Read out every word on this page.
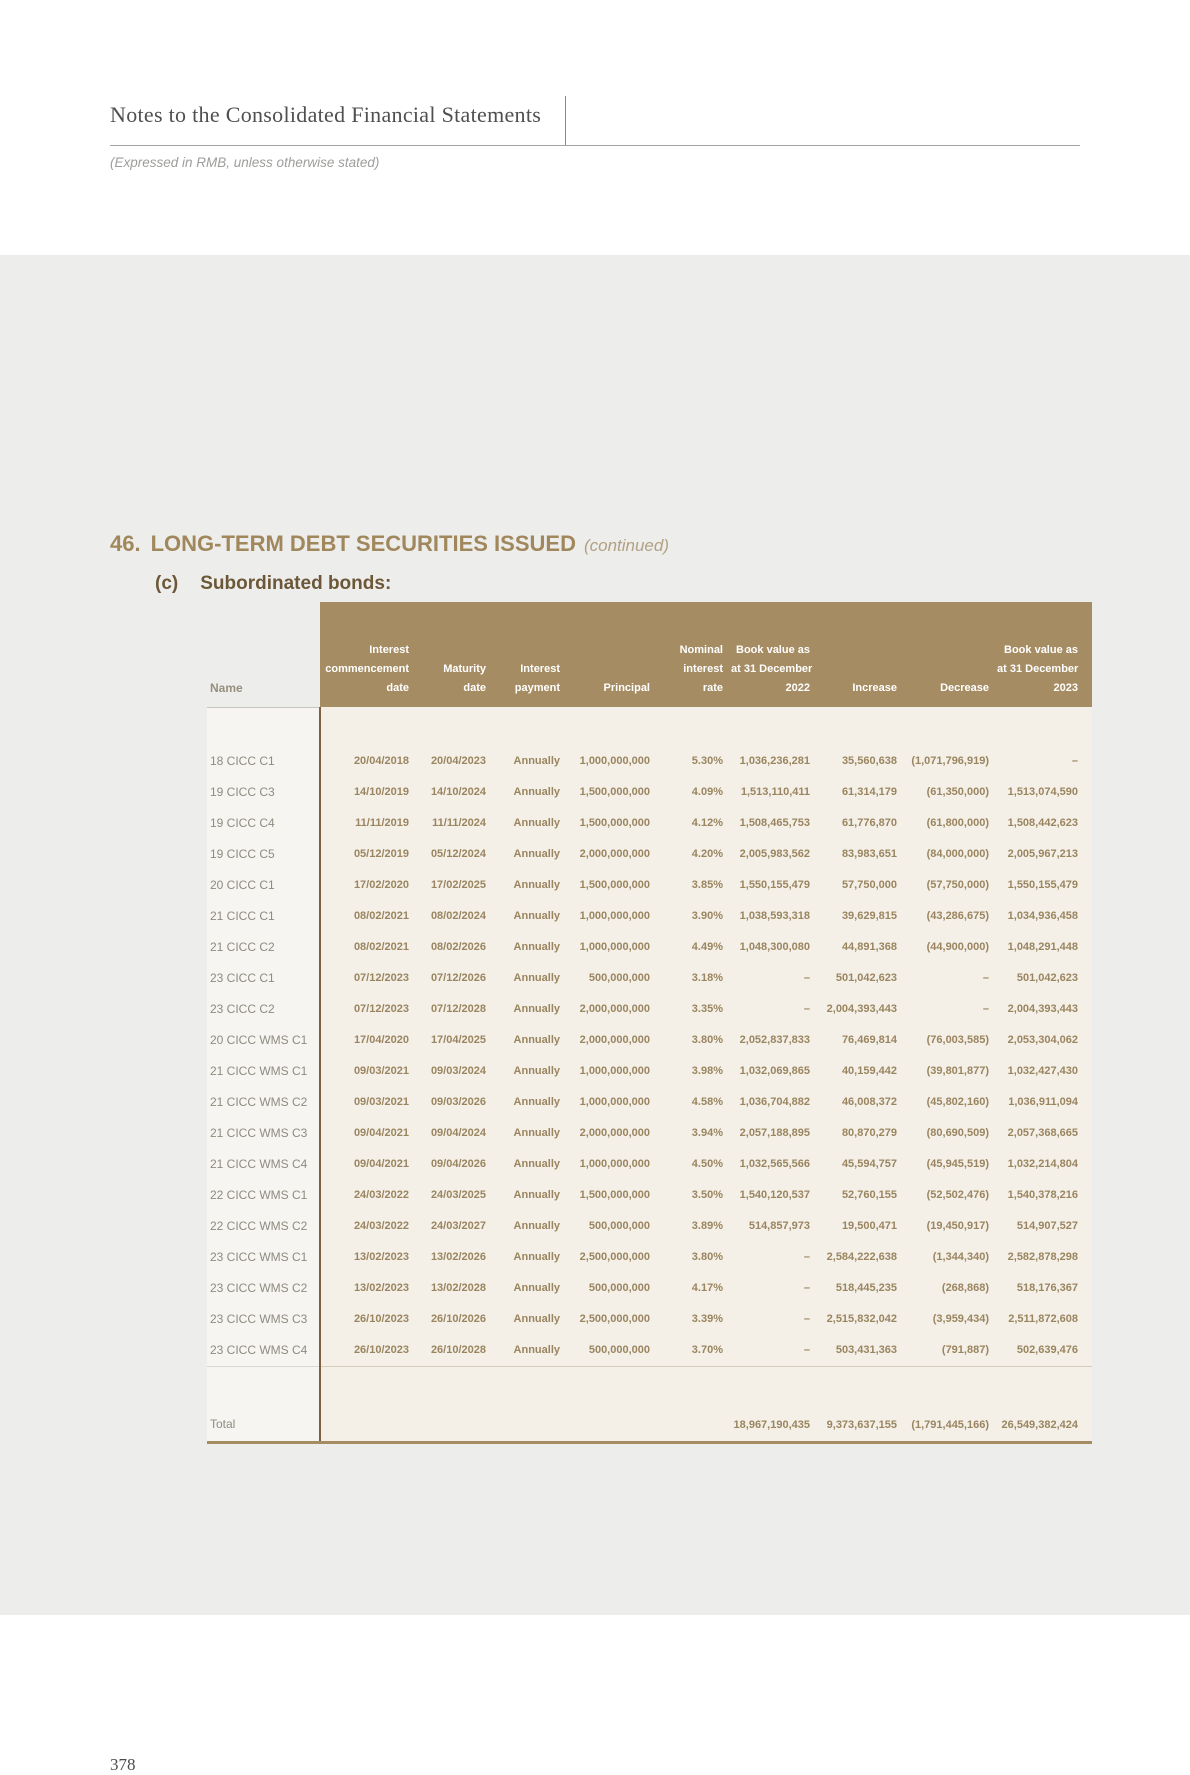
Notes to the Consolidated Financial Statements
(Expressed in RMB, unless otherwise stated)
46. LONG-TERM DEBT SECURITIES ISSUED (continued)
(c) Subordinated bonds:
Name	Interest
commencement
date	Maturity
date	Interest
payment	Principal	Nominal
interest
rate	Book value as
at 31 December
2022	Increase	Decrease	Book value as
at 31 December
2023

18 CICC C1	20/04/2018	20/04/2023	Annually	1,000,000,000	5.30%	1,036,236,281	35,560,638	(1,071,796,919)	–
19 CICC C3	14/10/2019	14/10/2024	Annually	1,500,000,000	4.09%	1,513,110,411	61,314,179	(61,350,000)	1,513,074,590
19 CICC C4	11/11/2019	11/11/2024	Annually	1,500,000,000	4.12%	1,508,465,753	61,776,870	(61,800,000)	1,508,442,623
19 CICC C5	05/12/2019	05/12/2024	Annually	2,000,000,000	4.20%	2,005,983,562	83,983,651	(84,000,000)	2,005,967,213
20 CICC C1	17/02/2020	17/02/2025	Annually	1,500,000,000	3.85%	1,550,155,479	57,750,000	(57,750,000)	1,550,155,479
21 CICC C1	08/02/2021	08/02/2024	Annually	1,000,000,000	3.90%	1,038,593,318	39,629,815	(43,286,675)	1,034,936,458
21 CICC C2	08/02/2021	08/02/2026	Annually	1,000,000,000	4.49%	1,048,300,080	44,891,368	(44,900,000)	1,048,291,448
23 CICC C1	07/12/2023	07/12/2026	Annually	500,000,000	3.18%	–	501,042,623	–	501,042,623
23 CICC C2	07/12/2023	07/12/2028	Annually	2,000,000,000	3.35%	–	2,004,393,443	–	2,004,393,443
20 CICC WMS C1	17/04/2020	17/04/2025	Annually	2,000,000,000	3.80%	2,052,837,833	76,469,814	(76,003,585)	2,053,304,062
21 CICC WMS C1	09/03/2021	09/03/2024	Annually	1,000,000,000	3.98%	1,032,069,865	40,159,442	(39,801,877)	1,032,427,430
21 CICC WMS C2	09/03/2021	09/03/2026	Annually	1,000,000,000	4.58%	1,036,704,882	46,008,372	(45,802,160)	1,036,911,094
21 CICC WMS C3	09/04/2021	09/04/2024	Annually	2,000,000,000	3.94%	2,057,188,895	80,870,279	(80,690,509)	2,057,368,665
21 CICC WMS C4	09/04/2021	09/04/2026	Annually	1,000,000,000	4.50%	1,032,565,566	45,594,757	(45,945,519)	1,032,214,804
22 CICC WMS C1	24/03/2022	24/03/2025	Annually	1,500,000,000	3.50%	1,540,120,537	52,760,155	(52,502,476)	1,540,378,216
22 CICC WMS C2	24/03/2022	24/03/2027	Annually	500,000,000	3.89%	514,857,973	19,500,471	(19,450,917)	514,907,527
23 CICC WMS C1	13/02/2023	13/02/2026	Annually	2,500,000,000	3.80%	–	2,584,222,638	(1,344,340)	2,582,878,298
23 CICC WMS C2	13/02/2023	13/02/2028	Annually	500,000,000	4.17%	–	518,445,235	(268,868)	518,176,367
23 CICC WMS C3	26/10/2023	26/10/2026	Annually	2,500,000,000	3.39%	–	2,515,832,042	(3,959,434)	2,511,872,608
23 CICC WMS C4	26/10/2023	26/10/2028	Annually	500,000,000	3.70%	–	503,431,363	(791,887)	502,639,476
Total						18,967,190,435	9,373,637,155	(1,791,445,166)	26,549,382,424
378
